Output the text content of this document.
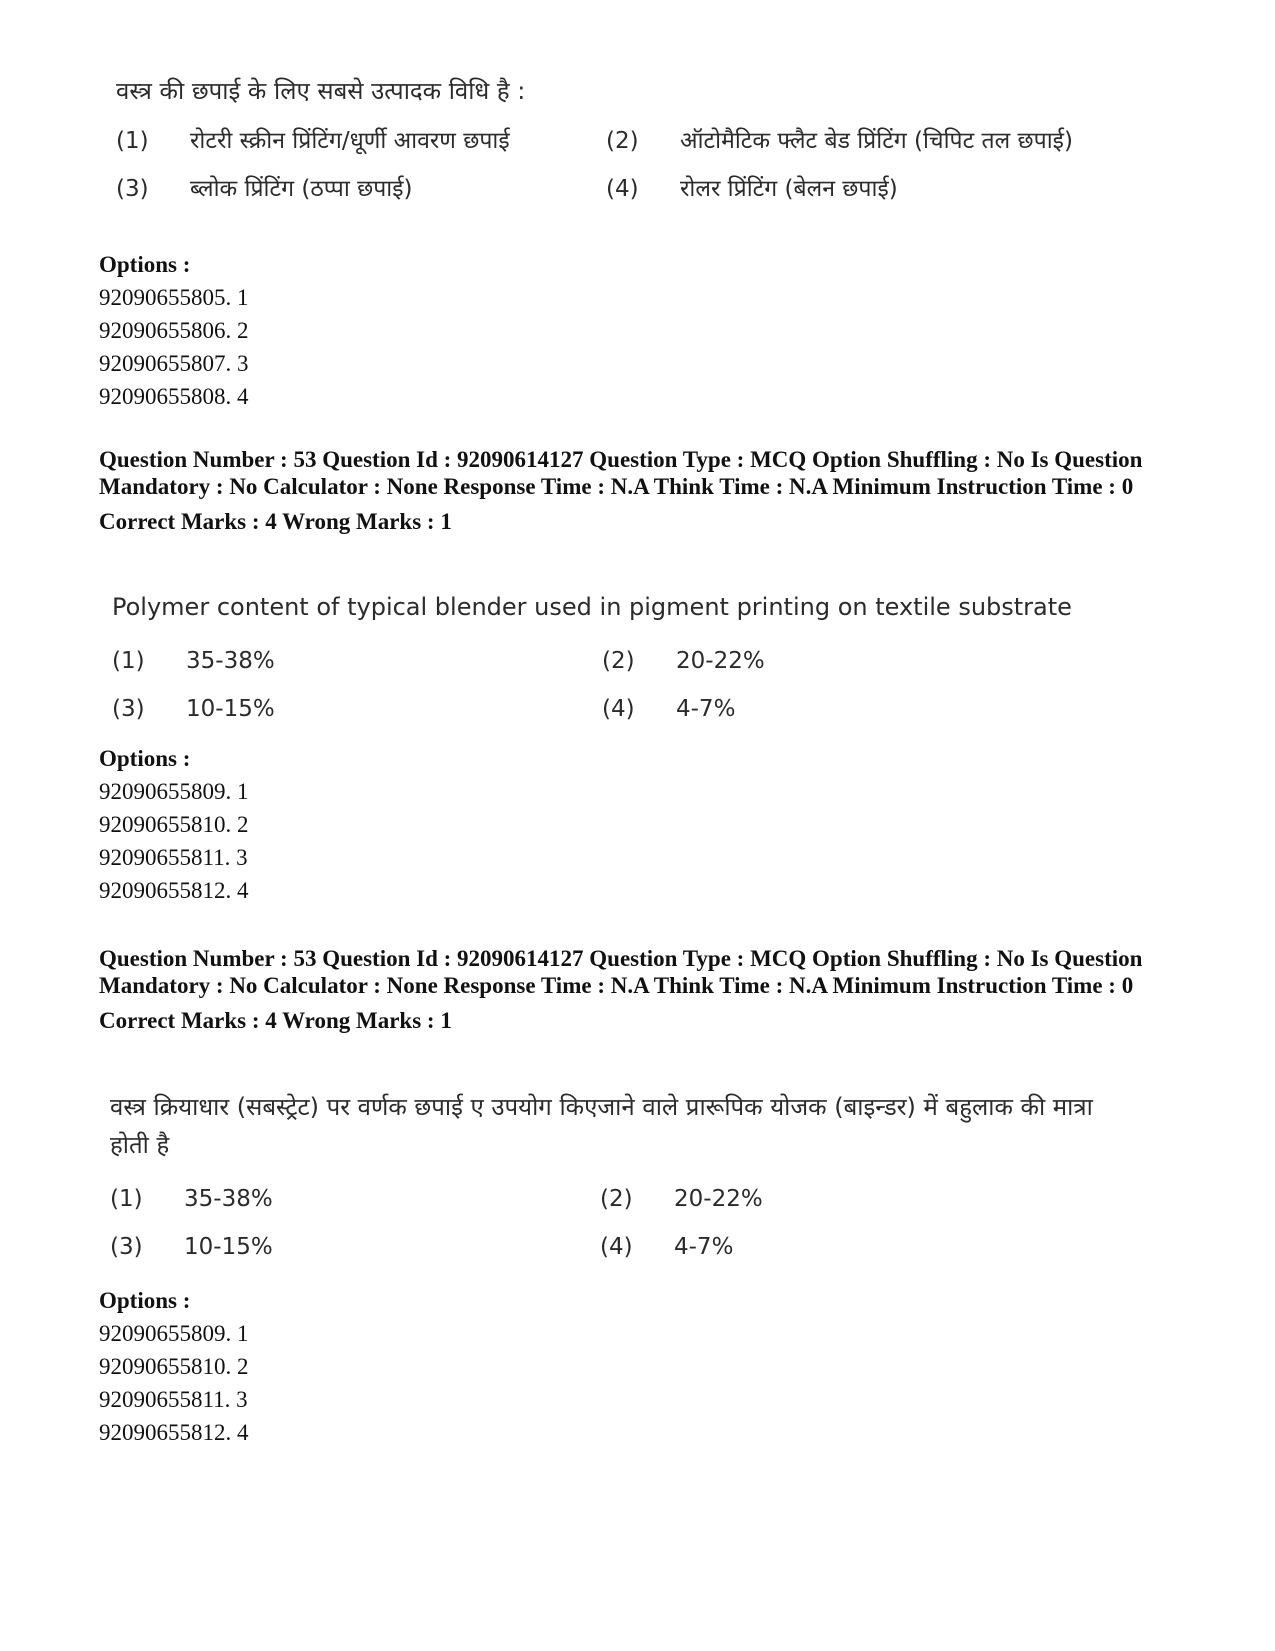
वस्त्र की छपाई के लिए सबसे उत्पादक विधि है :
(1)	रोटरी स्क्रीन प्रिंटिंग/धूर्णी आवरण छपाई	(2)	ऑटोमैटिक फ्लैट बेड प्रिंटिंग (चिपिट तल छपाई)
(3)	ब्लोक प्रिंटिंग (ठप्पा छपाई)	(4)	रोलर प्रिंटिंग (बेलन छपाई)
Options :
92090655805. 1
92090655806. 2
92090655807. 3
92090655808. 4
Question Number : 53 Question Id : 92090614127 Question Type : MCQ Option Shuffling : No Is Question Mandatory : No Calculator : None Response Time : N.A Think Time : N.A Minimum Instruction Time : 0
Correct Marks : 4 Wrong Marks : 1
Polymer content of typical blender used in pigment printing on textile substrate
(1)	35-38%	(2)	20-22%
(3)	10-15%	(4)	4-7%
Options :
92090655809. 1
92090655810. 2
92090655811. 3
92090655812. 4
Question Number : 53 Question Id : 92090614127 Question Type : MCQ Option Shuffling : No Is Question Mandatory : No Calculator : None Response Time : N.A Think Time : N.A Minimum Instruction Time : 0
Correct Marks : 4 Wrong Marks : 1
वस्त्र क्रियाधार (सबस्ट्रेट) पर वर्णक छपाई ए उपयोग किएजाने वाले प्रारूपिक योजक (बाइन्डर) में बहुलाक की मात्रा होती है
(1)	35-38%	(2)	20-22%
(3)	10-15%	(4)	4-7%
Options :
92090655809. 1
92090655810. 2
92090655811. 3
92090655812. 4
